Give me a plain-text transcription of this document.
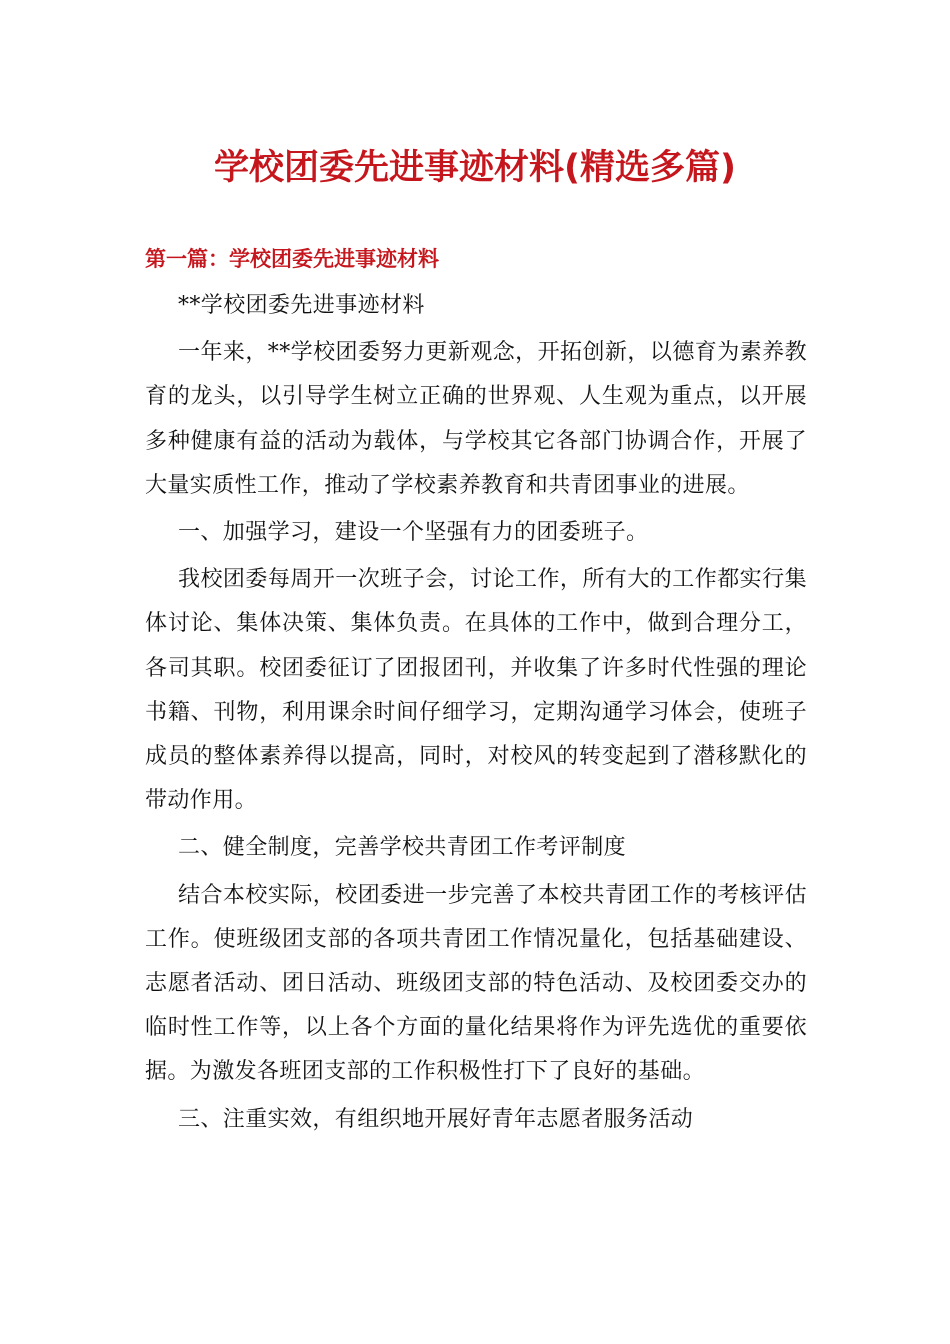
学校团委先进事迹材料(精选多篇)
第一篇：学校团委先进事迹材料

**学校团委先进事迹材料

一年来，**学校团委努力更新观念，开拓创新，以德育为素养教育的龙头，以引导学生树立正确的世界观、人生观为重点，以开展多种健康有益的活动为载体，与学校其它各部门协调合作，开展了大量实质性工作，推动了学校素养教育和共青团事业的进展。

一、加强学习，建设一个坚强有力的团委班子。

我校团委每周开一次班子会，讨论工作，所有大的工作都实行集体讨论、集体决策、集体负责。在具体的工作中，做到合理分工，各司其职。校团委征订了团报团刊，并收集了许多时代性强的理论书籍、刊物，利用课余时间仔细学习，定期沟通学习体会，使班子成员的整体素养得以提高，同时，对校风的转变起到了潜移默化的带动作用。

二、健全制度，完善学校共青团工作考评制度

结合本校实际，校团委进一步完善了本校共青团工作的考核评估工作。使班级团支部的各项共青团工作情况量化，包括基础建设、志愿者活动、团日活动、班级团支部的特色活动、及校团委交办的临时性工作等，以上各个方面的量化结果将作为评先选优的重要依据。为激发各班团支部的工作积极性打下了良好的基础。

三、注重实效，有组织地开展好青年志愿者服务活动
